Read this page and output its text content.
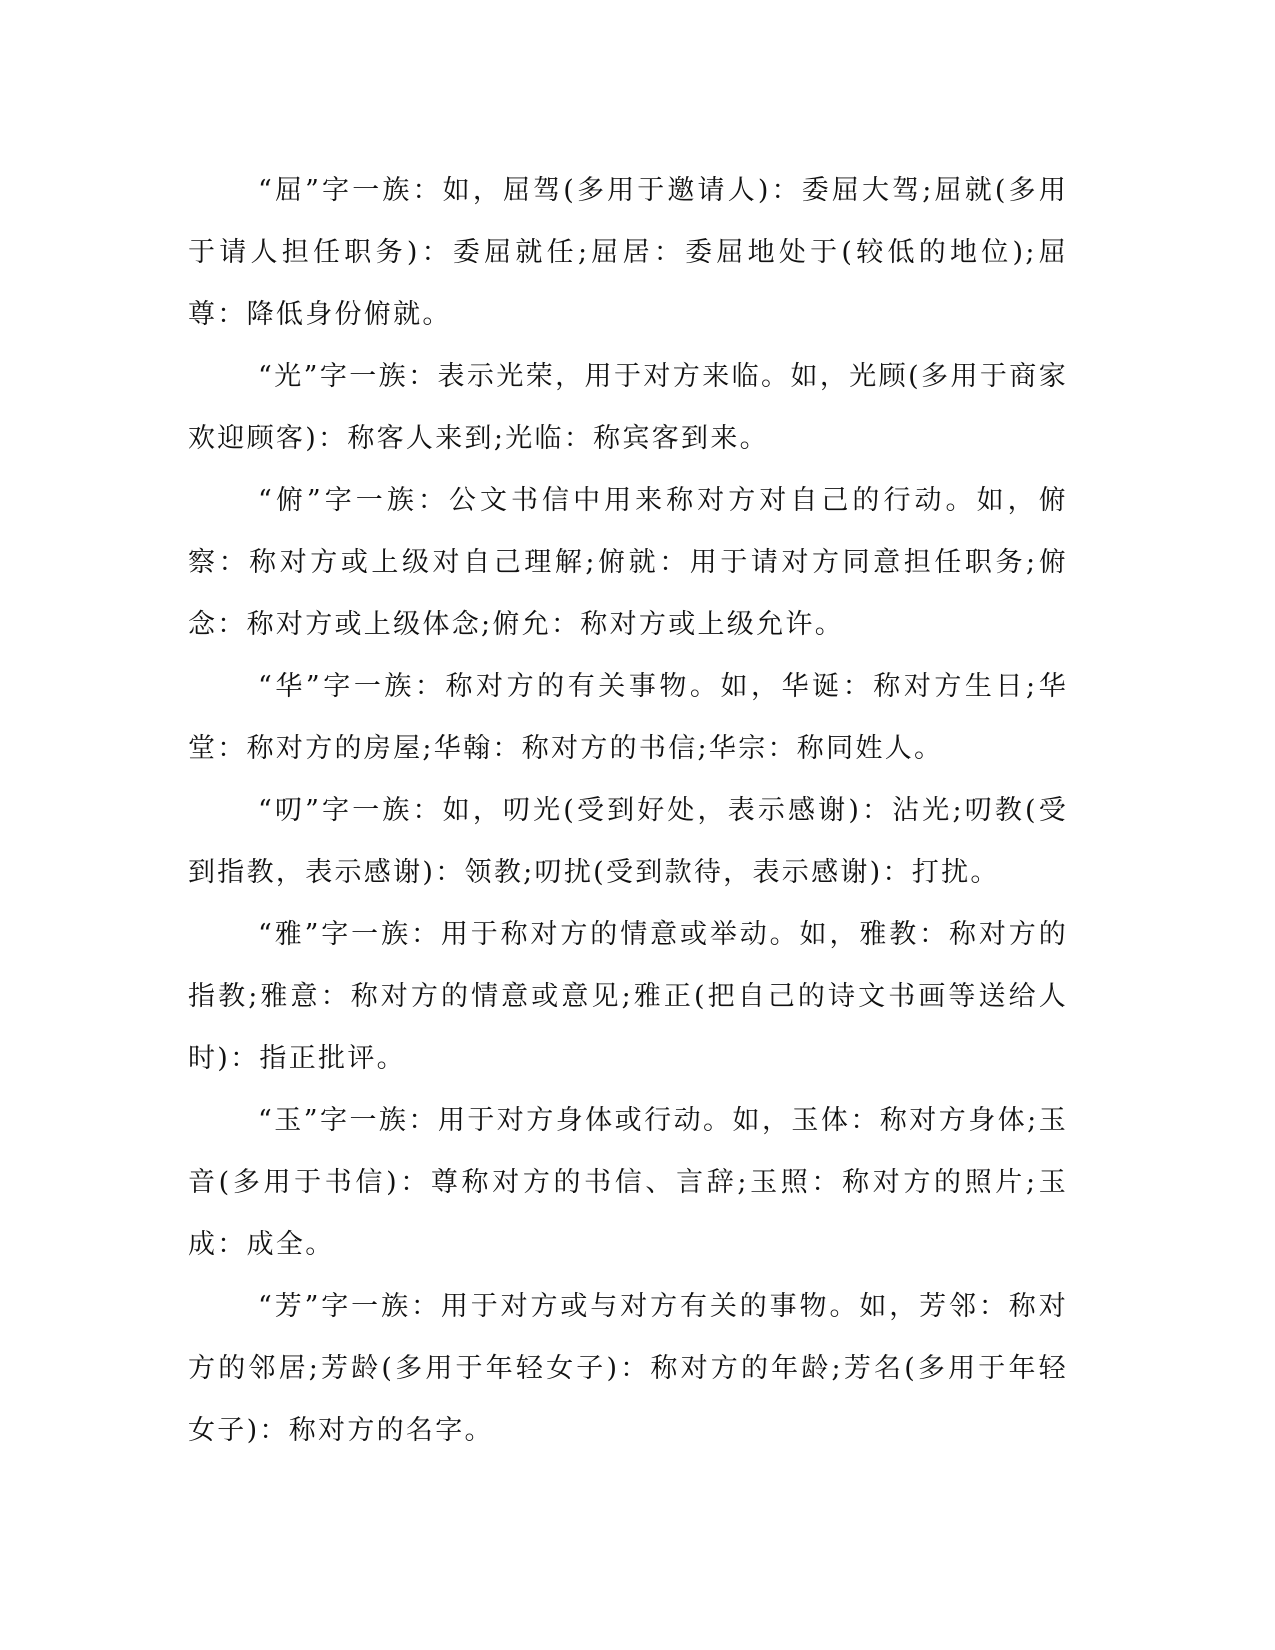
“屈”字一族：如，屈驾(多用于邀请人)：委屈大驾;屈就(多用于请人担任职务)：委屈就任;屈居：委屈地处于(较低的地位);屈尊：降低身份俯就。

“光”字一族：表示光荣，用于对方来临。如，光顾(多用于商家欢迎顾客)：称客人来到;光临：称宾客到来。

“俯”字一族：公文书信中用来称对方对自己的行动。如，俯察：称对方或上级对自己理解;俯就：用于请对方同意担任职务;俯念：称对方或上级体念;俯允：称对方或上级允许。

“华”字一族：称对方的有关事物。如，华诞：称对方生日;华堂：称对方的房屋;华翰：称对方的书信;华宗：称同姓人。

“叨”字一族：如，叨光(受到好处，表示感谢)：沾光;叨教(受到指教，表示感谢)：领教;叨扰(受到款待，表示感谢)：打扰。

“雅”字一族：用于称对方的情意或举动。如，雅教：称对方的指教;雅意：称对方的情意或意见;雅正(把自己的诗文书画等送给人时)：指正批评。

“玉”字一族：用于对方身体或行动。如，玉体：称对方身体;玉音(多用于书信)：尊称对方的书信、言辞;玉照：称对方的照片;玉成：成全。

“芳”字一族：用于对方或与对方有关的事物。如，芳邻：称对方的邻居;芳龄(多用于年轻女子)：称对方的年龄;芳名(多用于年轻女子)：称对方的名字。
